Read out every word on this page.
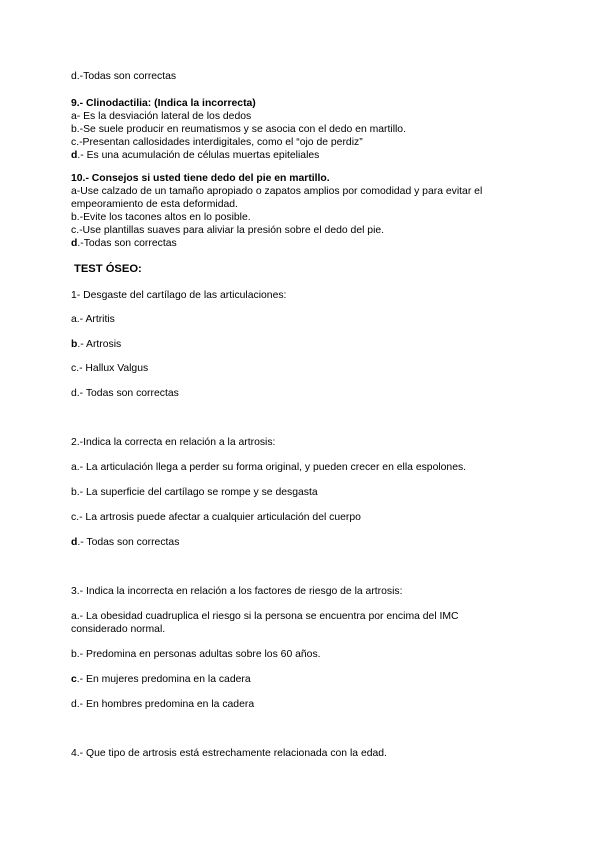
d.-Todas son correctas
9.- Clinodactilia: (Indica la incorrecta)
a- Es la desviación lateral de los dedos
b.-Se suele producir en reumatismos y se asocia con el dedo en martillo.
c.-Presentan callosidades interdigitales, como el “ojo de perdiz”
d.- Es una acumulación de células muertas epiteliales
10.- Consejos si usted tiene dedo del pie en martillo.
a-Use calzado de un tamaño apropiado o zapatos amplios por comodidad y para evitar el
empeoramiento de esta deformidad.
b.-Evite los tacones altos en lo posible.
c.-Use plantillas suaves para aliviar la presión sobre el dedo del pie.
d.-Todas son correctas
TEST ÓSEO:
1- Desgaste del cartílago de las articulaciones:
a.- Artritis
b.- Artrosis
c.- Hallux Valgus
d.- Todas son correctas
2.-Indica la correcta en relación a la artrosis:
a.- La articulación llega a perder su forma original, y pueden crecer en ella espolones.
b.- La superficie del cartílago se rompe y se desgasta
c.- La artrosis puede afectar a cualquier articulación del cuerpo
d.- Todas son correctas
3.- Indica la incorrecta en relación a los factores de riesgo de la artrosis:
a.- La obesidad cuadruplica el riesgo si la persona se encuentra por encima del IMC
considerado normal.
b.- Predomina en personas adultas sobre los 60 años.
c.- En mujeres predomina en la cadera
d.- En hombres predomina en la cadera
4.- Que tipo de artrosis está estrechamente relacionada con la edad.
